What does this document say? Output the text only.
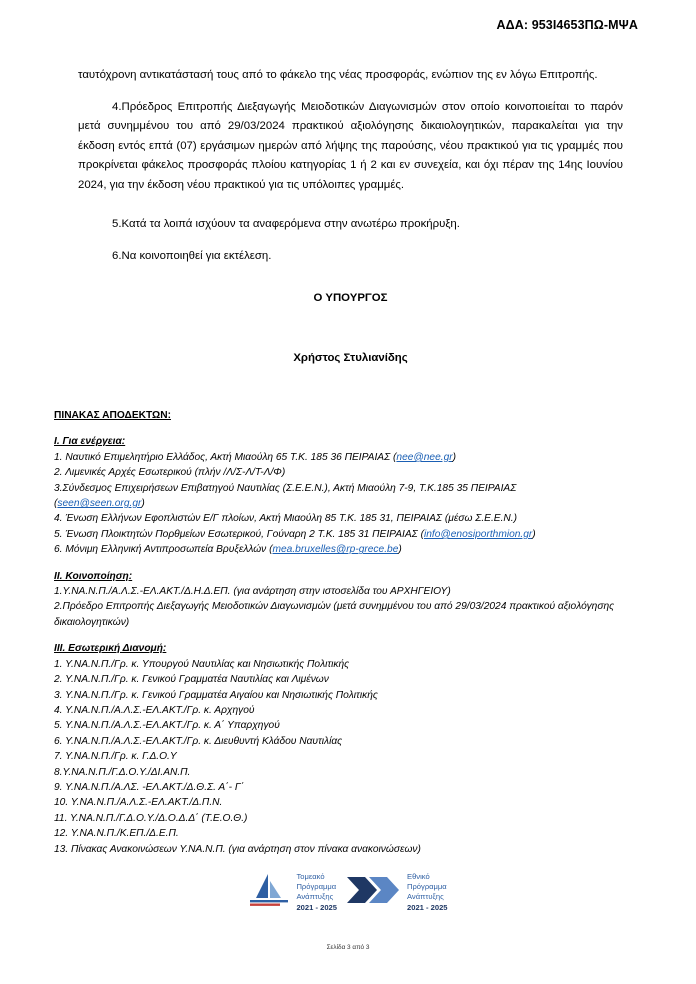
ΑΔΑ: 953Ι4653ΠΩ-ΜΨΑ

ταυτόχρονη αντικατάστασή τους από το φάκελο της νέας προσφοράς, ενώπιον της εν λόγω Επιτροπής.

4.Πρόεδρος Επιτροπής Διεξαγωγής Μειοδοτικών Διαγωνισμών στον οποίο κοινοποιείται το παρόν μετά συνημμένου του από 29/03/2024 πρακτικού αξιολόγησης δικαιολογητικών, παρακαλείται για την έκδοση εντός επτά (07) εργάσιμων ημερών από λήψης της παρούσης, νέου πρακτικού για τις γραμμές που προκρίνεται φάκελος προσφοράς πλοίου κατηγορίας 1 ή 2 και εν συνεχεία, και όχι πέραν της 14ης Ιουνίου 2024, για την έκδοση νέου πρακτικού για τις υπόλοιπες γραμμές.

5.Κατά τα λοιπά ισχύουν τα αναφερόμενα στην ανωτέρω προκήρυξη.

6.Να κοινοποιηθεί για εκτέλεση.

Ο ΥΠΟΥΡΓΟΣ
Χρήστος Στυλιανίδης
ΠΙΝΑΚΑΣ ΑΠΟΔΕΚΤΩΝ:
Ι. Για ενέργεια:
1. Ναυτικό Επιμελητήριο Ελλάδος, Ακτή Μιαούλη 65 Τ.Κ. 185 36 ΠΕΙΡΑΙΑΣ (nee@nee.gr)
2. Λιμενικές Αρχές Εσωτερικού (πλήν /Λ/Σ-Λ/Τ-Λ/Φ)
3.Σύνδεσμος Επιχειρήσεων Επιβατηγού Ναυτιλίας (Σ.Ε.Ε.Ν.), Ακτή Μιαούλη 7-9, Τ.Κ.185 35 ΠΕΙΡΑΙΑΣ
(seen@seen.org.gr)
4. Ένωση Ελλήνων Εφοπλιστών Ε/Γ πλοίων, Ακτή Μιαούλη 85 Τ.Κ. 185 31, ΠΕΙΡΑΙΑΣ (μέσω Σ.Ε.Ε.Ν.)
5. Ένωση Πλοικτητών Πορθμείων Εσωτερικού, Γούναρη 2 Τ.Κ. 185 31 ΠΕΙΡΑΙΑΣ (info@enosiporthmion.gr)
6. Μόνιμη Ελληνική Αντιπροσωπεία Βρυξελλών (mea.bruxelles@rp-grece.be)
ΙΙ. Κοινοποίηση:
1.Υ.ΝΑ.Ν.Π./Α.Λ.Σ.-ΕΛ.ΑΚΤ./Δ.Η.Δ.ΕΠ. (για ανάρτηση στην ιστοσελίδα του ΑΡΧΗΓΕΙΟΥ)
2.Πρόεδρο Επιτροπής Διεξαγωγής Μειοδοτικών Διαγωνισμών (μετά συνημμένου του από 29/03/2024 πρακτικού αξιολόγησης δικαιολογητικών)
ΙΙΙ. Εσωτερική Διανομή:
1. Υ.ΝΑ.Ν.Π./Γρ. κ. Υπουργού Ναυτιλίας και Νησιωτικής Πολιτικής
2. Υ.ΝΑ.Ν.Π./Γρ. κ. Γενικού Γραμματέα Ναυτιλίας και Λιμένων
3. Υ.ΝΑ.Ν.Π./Γρ. κ. Γενικού Γραμματέα Αιγαίου και Νησιωτικής Πολιτικής
4. Υ.ΝΑ.Ν.Π./Α.Λ.Σ.-ΕΛ.ΑΚΤ./Γρ. κ. Αρχηγού
5. Υ.ΝΑ.Ν.Π./Α.Λ.Σ.-ΕΛ.ΑΚΤ./Γρ. κ. Α΄ Υπαρχηγού
6. Υ.ΝΑ.Ν.Π./Α.Λ.Σ.-ΕΛ.ΑΚΤ./Γρ. κ. Διευθυντή Κλάδου Ναυτιλίας
7. Υ.ΝΑ.Ν.Π./Γρ. κ. Γ.Δ.Ο.Υ
8.Υ.ΝΑ.Ν.Π./Γ.Δ.Ο.Υ./ΔΙ.ΑΝ.Π.
9. Υ.ΝΑ.Ν.Π./Α.ΛΣ. -ΕΛ.ΑΚΤ./Δ.Θ.Σ. Α΄- Γ΄
10. Υ.ΝΑ.Ν.Π./Α.Λ.Σ.-ΕΛ.ΑΚΤ./Δ.Π.Ν.
11. Υ.ΝΑ.Ν.Π./Γ.Δ.Ο.Υ./Δ.Ο.Δ.Δ΄ (Τ.Ε.Ο.Θ.)
12. Υ.ΝΑ.Ν.Π./Κ.ΕΠ./Δ.Ε.Π.
13. Πίνακας Ανακοινώσεων Υ.ΝΑ.Ν.Π. (για ανάρτηση στον πίνακα ανακοινώσεων)
Τομεακό
Πρόγραμμα
Ανάπτυξης
2021 - 2025
Εθνικό
Πρόγραμμα
Ανάπτυξης
2021 - 2025
Σελίδα 3 από 3
